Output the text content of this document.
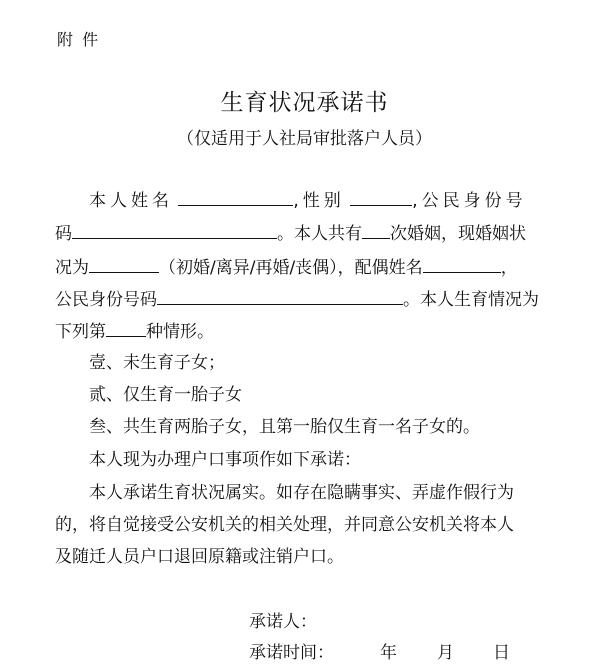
附 件
生育状况承诺书
（仅适用于人社局审批落户人员）
本人姓名	,性别	,公民身份号
码	。本人共有 次婚姻，现婚姻状
况为	（初婚/离异/再婚/丧偶），配偶姓名	，
公民身份号码	。本人生育情况为
下列第 种情形。
壹、未生育子女；
贰、仅生育一胎子女
叁、共生育两胎子女，且第一胎仅生育一名子女的。
本人现为办理户口事项作如下承诺：
本人承诺生育状况属实。如存在隐瞒事实、弄虚作假行为
的，将自觉接受公安机关的相关处理，并同意公安机关将本人
及随迁人员户口退回原籍或注销户口。
承诺人：
承诺时间：	年 月 日
